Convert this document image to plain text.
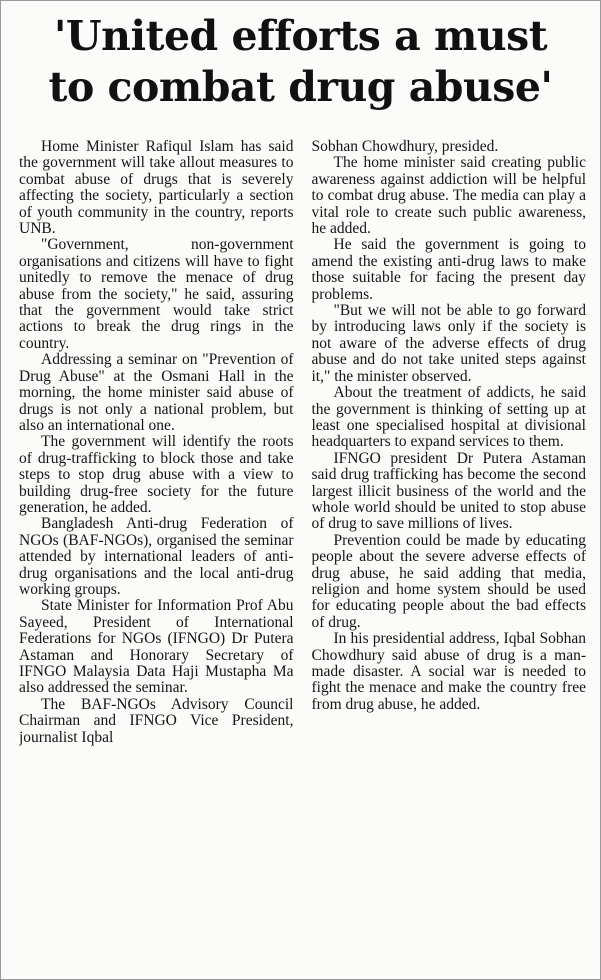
'United efforts a must
to combat drug abuse'

Home Minister Rafiqul Islam has said the government will take allout measures to combat abuse of drugs that is severely affecting the society, particularly a section of youth community in the country, reports UNB.

"Government, non-government organisations and citizens will have to fight unitedly to remove the menace of drug abuse from the society," he said, assuring that the government would take strict actions to break the drug rings in the country.

Addressing a seminar on "Prevention of Drug Abuse" at the Osmani Hall in the morning, the home minister said abuse of drugs is not only a national problem, but also an international one.

The government will identify the roots of drug-trafficking to block those and take steps to stop drug abuse with a view to building drug-free society for the future generation, he added.

Bangladesh Anti-drug Federation of NGOs (BAF-NGOs), organised the seminar attended by international leaders of anti-drug organisations and the local anti-drug working groups.

State Minister for Information Prof Abu Sayeed, President of International Federations for NGOs (IFNGO) Dr Putera Astaman and Honorary Secretary of IFNGO Malaysia Data Haji Mustapha Ma also addressed the seminar.

The BAF-NGOs Advisory Council Chairman and IFNGO Vice President, journalist Iqbal

Sobhan Chowdhury, presided.

The home minister said creating public awareness against addiction will be helpful to combat drug abuse. The media can play a vital role to create such public awareness, he added.

He said the government is going to amend the existing anti-drug laws to make those suitable for facing the present day problems.

"But we will not be able to go forward by introducing laws only if the society is not aware of the adverse effects of drug abuse and do not take united steps against it," the minister observed.

About the treatment of addicts, he said the government is thinking of setting up at least one specialised hospital at divisional headquarters to expand services to them.

IFNGO president Dr Putera Astaman said drug trafficking has become the second largest illicit business of the world and the whole world should be united to stop abuse of drug to save millions of lives.

Prevention could be made by educating people about the severe adverse effects of drug abuse, he said adding that media, religion and home system should be used for educating people about the bad effects of drug.

In his presidential address, Iqbal Sobhan Chowdhury said abuse of drug is a man-made disaster. A social war is needed to fight the menace and make the country free from drug abuse, he added.
